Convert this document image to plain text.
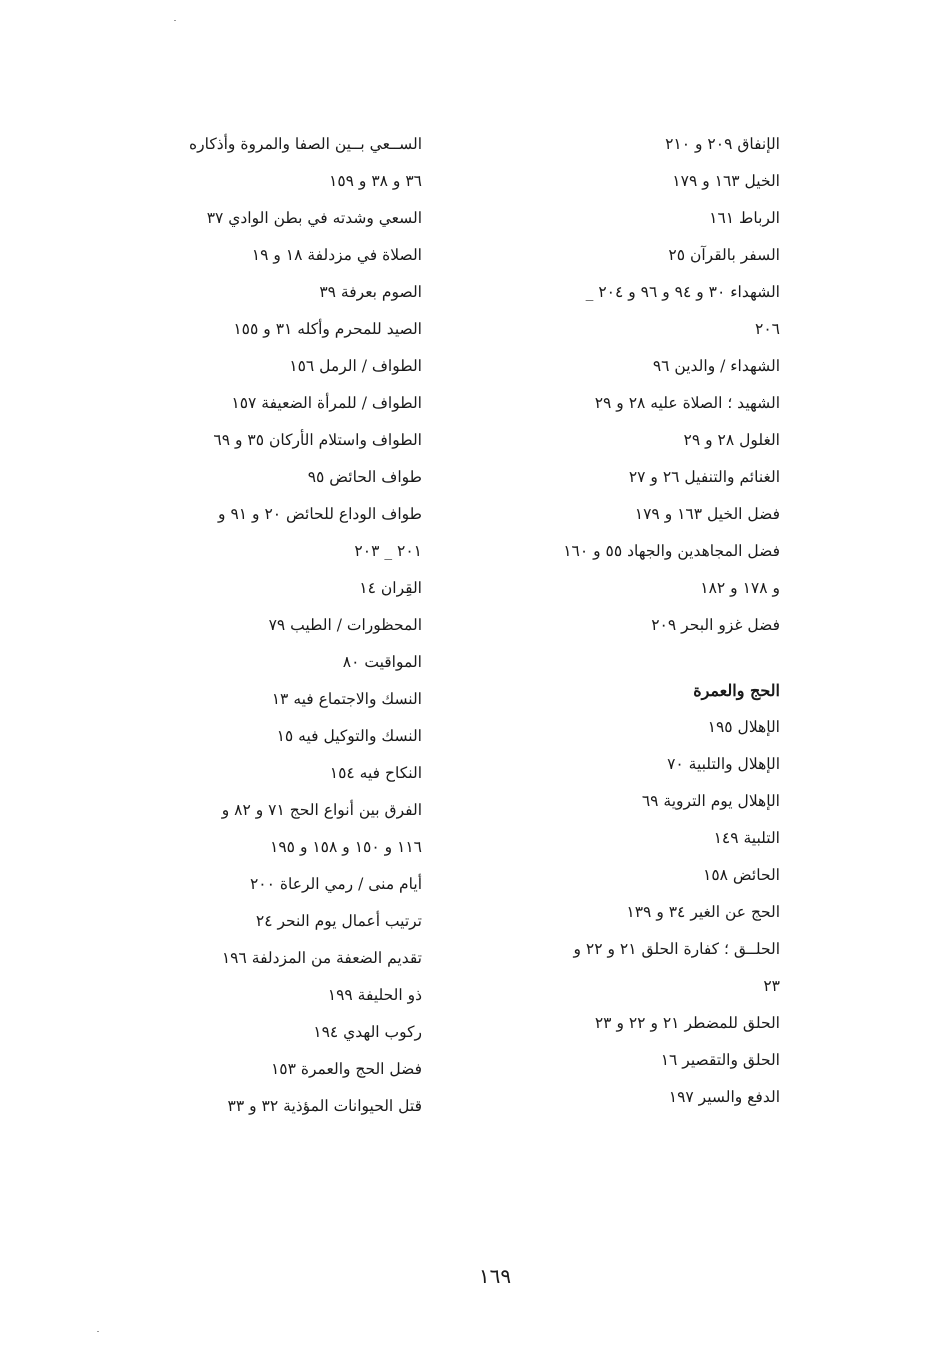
الإنفاق ٢٠٩ و ٢١٠
الخيل ١٦٣ و ١٧٩
الرباط ١٦١
السفر بالقرآن ٢٥
الشهداء ٣٠ و ٩٤ و ٩٦ و ٢٠٤ _
٢٠٦
الشهداء / والدين ٩٦
الشهيد ؛ الصلاة عليه ٢٨ و ٢٩
الغلول ٢٨ و ٢٩
الغنائم والتنفيل ٢٦ و ٢٧
فضل الخيل ١٦٣ و ١٧٩
فضل المجاهدين والجهاد ٥٥ و ١٦٠
و ١٧٨ و ١٨٢
فضل غزو البحر ٢٠٩
الحج والعمرة
الإهلال ١٩٥
الإهلال والتلبية ٧٠
الإهلال يوم التروية ٦٩
التلبية ١٤٩
الحائض ١٥٨
الحج عن الغير ٣٤ و ١٣٩
الحلــق ؛ كفارة الحلق ٢١ و ٢٢ و
٢٣
الحلق للمضطر ٢١ و ٢٢ و ٢٣
الحلق والتقصير ١٦
الدفع والسير ١٩٧
الســعي بــين الصفا والمروة وأذكاره
٣٦ و ٣٨ و ١٥٩
السعي وشدته في بطن الوادي ٣٧
الصلاة في مزدلفة ١٨ و ١٩
الصوم بعرفة ٣٩
الصيد للمحرم وأكله ٣١ و ١٥٥
الطواف / الرمل ١٥٦
الطواف / للمرأة الضعيفة ١٥٧
الطواف واستلام الأركان ٣٥ و ٦٩
طواف الحائض ٩٥
طواف الوداع للحائض ٢٠ و ٩١ و
٢٠١ _ ٢٠٣
القِران ١٤
المحظورات / الطيب ٧٩
المواقيت ٨٠
النسك والاجتماع فيه ١٣
النسك والتوكيل فيه ١٥
النكاح فيه ١٥٤
الفرق بين أنواع الحج ٧١ و ٨٢ و
١١٦ و ١٥٠ و ١٥٨ و ١٩٥
أيام منى / رمي الرعاة ٢٠٠
ترتيب أعمال يوم النحر ٢٤
تقديم الضعفة من المزدلفة ١٩٦
ذو الحليفة ١٩٩
ركوب الهدي ١٩٤
فضل الحج والعمرة ١٥٣
قتل الحيوانات المؤذية ٣٢ و ٣٣
١٦٩
